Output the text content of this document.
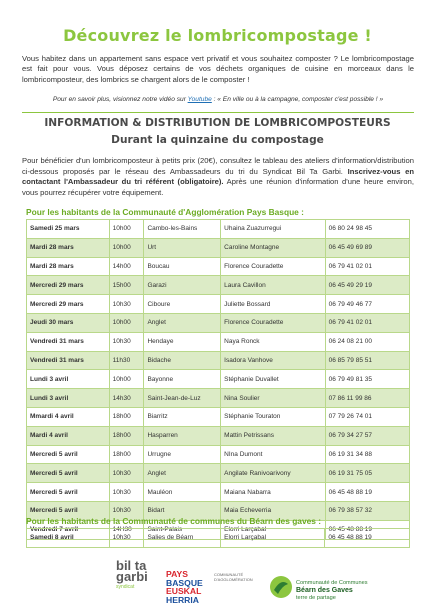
Découvrez le lombricompostage !
Vous habitez dans un appartement sans espace vert privatif et vous souhaitez composter ? Le lombricompostage est fait pour vous. Vous déposez certains de vos déchets organiques de cuisine en morceaux dans le lombricomposteur, des lombrics se chargent alors de le composter !
Pour en savoir plus, visionnez notre vidéo sur Youtube : « En ville ou à la campagne, composter c'est possible ! »
INFORMATION & DISTRIBUTION DE LOMBRICOMPOSTEURS
Durant la quinzaine du compostage
Pour bénéficier d'un lombricomposteur à petits prix (20€), consultez le tableau des ateliers d'information/distribution ci-dessous proposés par le réseau des Ambassadeurs du tri du Syndicat Bil Ta Garbi. Inscrivez-vous en contactant l'Ambassadeur du tri référent (obligatoire). Après une réunion d'information d'une heure environ, vous pourrez récupérer votre équipement.
Pour les habitants de la Communauté d'Agglomération Pays Basque :
Samedi 25 mars	10h00	Cambo-les-Bains	Uhaina Zuazurregui	06 80 24 98 45
Mardi 28 mars	10h00	Urt	Caroline Montagne	06 45 49 69 89
Mardi 28 mars	14h00	Boucau	Florence Couradette	06 79 41 02 01
Mercredi 29 mars	15h00	Garazi	Laura Cavillon	06 45 49 29 19
Mercredi 29 mars	10h30	Ciboure	Juliette Bossard	06 79 49 46 77
Jeudi 30 mars	10h00	Anglet	Florence Couradette	06 79 41 02 01
Vendredi 31 mars	10h30	Hendaye	Naya Ronck	06 24 08 21 00
Vendredi 31 mars	11h30	Bidache	Isadora Vanhove	06 85 79 85 51
Lundi 3 avril	10h00	Bayonne	Stéphanie Duvallet	06 79 49 81 35
Lundi 3 avril	14h30	Saint-Jean-de-Luz	Nina Soulier	07 86 11 99 86
Mmardi 4 avril	18h00	Biarritz	Stéphanie Touraton	07 79 26 74 01
Mardi 4 avril	18h00	Hasparren	Mattin Petrissans	06 79 34 27 57
Mercredi 5 avril	18h00	Urrugne	NIna Dumont	06 19 31 34 88
Mercredi 5 avril	10h30	Anglet	Angilate Ranivoarivony	06 19 31 75 05
Mercredi 5 avril	10h30	Mauléon	Maiana Nabarra	06 45 48 88 19
Mercredi 5 avril	10h30	Bidart	Maia Echeverria	06 79 38 57 32
Vendredi 7 avril	14H30	Saint-Palais	Elorri Larçabal	06 45 48 88 19
Pour les habitants de la Communauté de communes du Béarn des gaves :
Samedi 8 avril	10h30	Salies de Béarn	Elorri Larçabal	06 45 48 88 19
bil ta
garbi
syndicat
PAYS
BASQUE
EUSKAL
HERRIA
COMMUNAUTÉ D'AGGLOMÉRATION
Communauté de Communes
Béarn des Gaves
terre de partage
